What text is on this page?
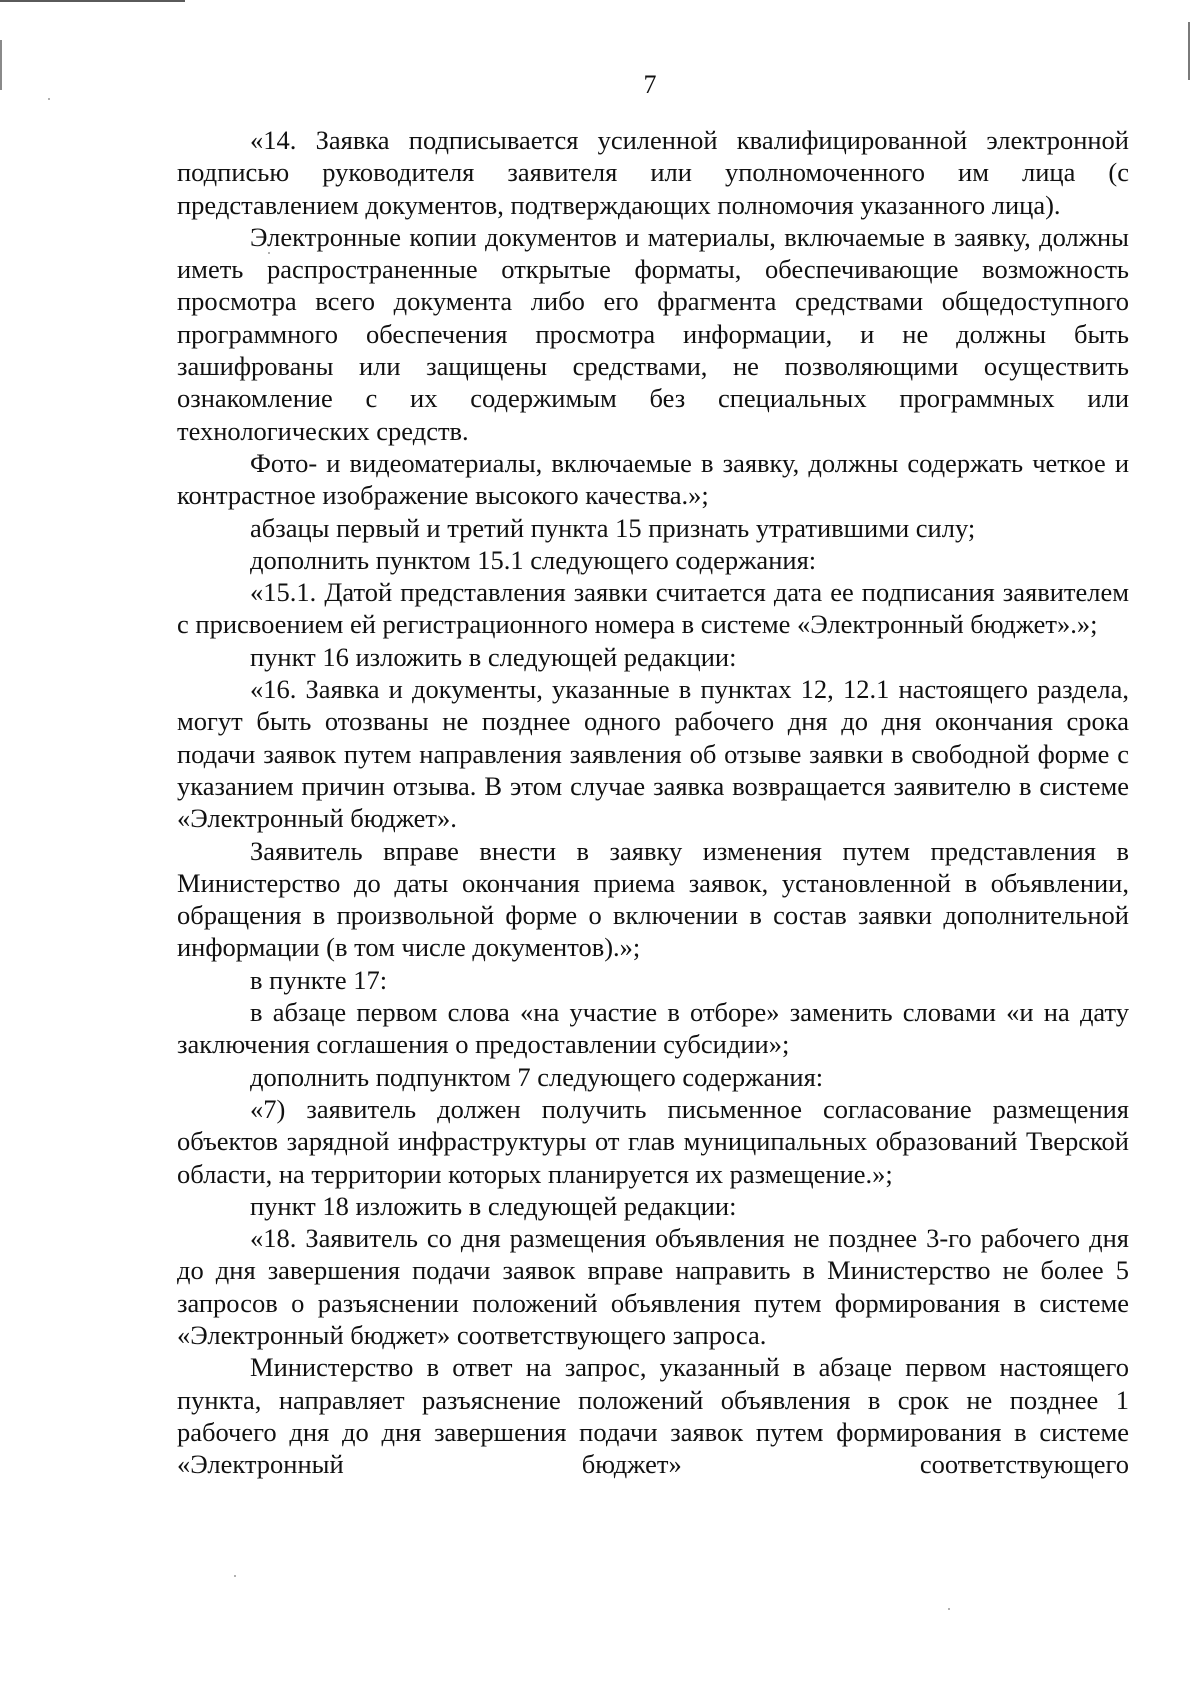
7

«14. Заявка подписывается усиленной квалифицированной электронной подписью руководителя заявителя или уполномоченного им лица (с представлением документов, подтверждающих полномочия указанного лица).

Электронные копии документов и материалы, включаемые в заявку, должны иметь распространенные открытые форматы, обеспечивающие возможность просмотра всего документа либо его фрагмента средствами общедоступного программного обеспечения просмотра информации, и не должны быть зашифрованы или защищены средствами, не позволяющими осуществить ознакомление с их содержимым без специальных программных или технологических средств.

Фото- и видеоматериалы, включаемые в заявку, должны содержать четкое и контрастное изображение высокого качества.»;

абзацы первый и третий пункта 15 признать утратившими силу;

дополнить пунктом 15.1 следующего содержания:

«15.1. Датой представления заявки считается дата ее подписания заявителем с присвоением ей регистрационного номера в системе «Электронный бюджет».»;

пункт 16 изложить в следующей редакции:

«16. Заявка и документы, указанные в пунктах 12, 12.1 настоящего раздела, могут быть отозваны не позднее одного рабочего дня до дня окончания срока подачи заявок путем направления заявления об отзыве заявки в свободной форме с указанием причин отзыва. В этом случае заявка возвращается заявителю в системе «Электронный бюджет».

Заявитель вправе внести в заявку изменения путем представления в Министерство до даты окончания приема заявок, установленной в объявлении, обращения в произвольной форме о включении в состав заявки дополнительной информации (в том числе документов).»;

в пункте 17:

в абзаце первом слова «на участие в отборе» заменить словами «и на дату заключения соглашения о предоставлении субсидии»;

дополнить подпунктом 7 следующего содержания:

«7) заявитель должен получить письменное согласование размещения объектов зарядной инфраструктуры от глав муниципальных образований Тверской области, на территории которых планируется их размещение.»;

пункт 18 изложить в следующей редакции:

«18. Заявитель со дня размещения объявления не позднее 3-го рабочего дня до дня завершения подачи заявок вправе направить в Министерство не более 5 запросов о разъяснении положений объявления путем формирования в системе «Электронный бюджет» соответствующего запроса.

Министерство в ответ на запрос, указанный в абзаце первом настоящего пункта, направляет разъяснение положений объявления в срок не позднее 1 рабочего дня до дня завершения подачи заявок путем формирования в системе «Электронный бюджет» соответствующего
